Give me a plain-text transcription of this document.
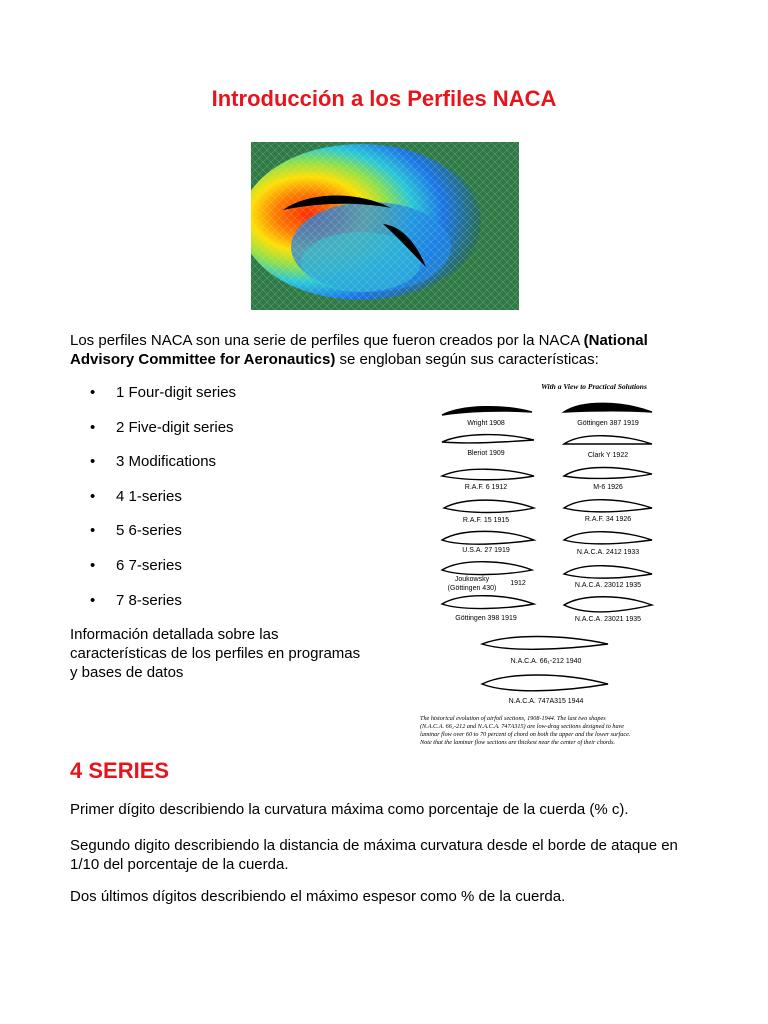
Introducción a los Perfiles NACA

Los perfiles NACA son una serie de perfiles que fueron creados por la NACA (National Advisory Committee for Aeronautics) se engloban según sus características:

• 1 Four-digit series
• 2 Five-digit series
• 3 Modifications
• 4 1-series
• 5 6-series
• 6 7-series
• 7 8-series

Información detallada sobre las características de los perfiles en programas y bases de datos

With a View to Practical Solutions
Wright 1908
Bleriot 1909
R.A.F. 6 1912
R.A.F. 15 1915
U.S.A. 27 1919
Joukowsky
(Göttingen 430)
1912
Göttingen 398 1919
Göttingen 387 1919
Clark Y 1922
M-6 1926
R.A.F. 34 1926
N.A.C.A. 2412 1933
N.A.C.A. 23012 1935
N.A.C.A. 23021 1935
N.A.C.A. 66₁-212 1940
N.A.C.A. 747A315 1944
The historical evolution of airfoil sections, 1908-1944. The last two shapes
(N.A.C.A. 66₁-212 and N.A.C.A. 747A315) are low-drag sections designed to have
laminar flow over 60 to 70 percent of chord on both the upper and the lower surface.
Note that the laminar flow sections are thickest near the center of their chords.
4 SERIES

Primer dígito describiendo la curvatura máxima como porcentaje de la cuerda (% c).

Segundo digito describiendo la distancia de máxima curvatura desde el borde de ataque en 1/10 del porcentaje de la cuerda.

Dos últimos dígitos describiendo el máximo espesor como % de la cuerda.
